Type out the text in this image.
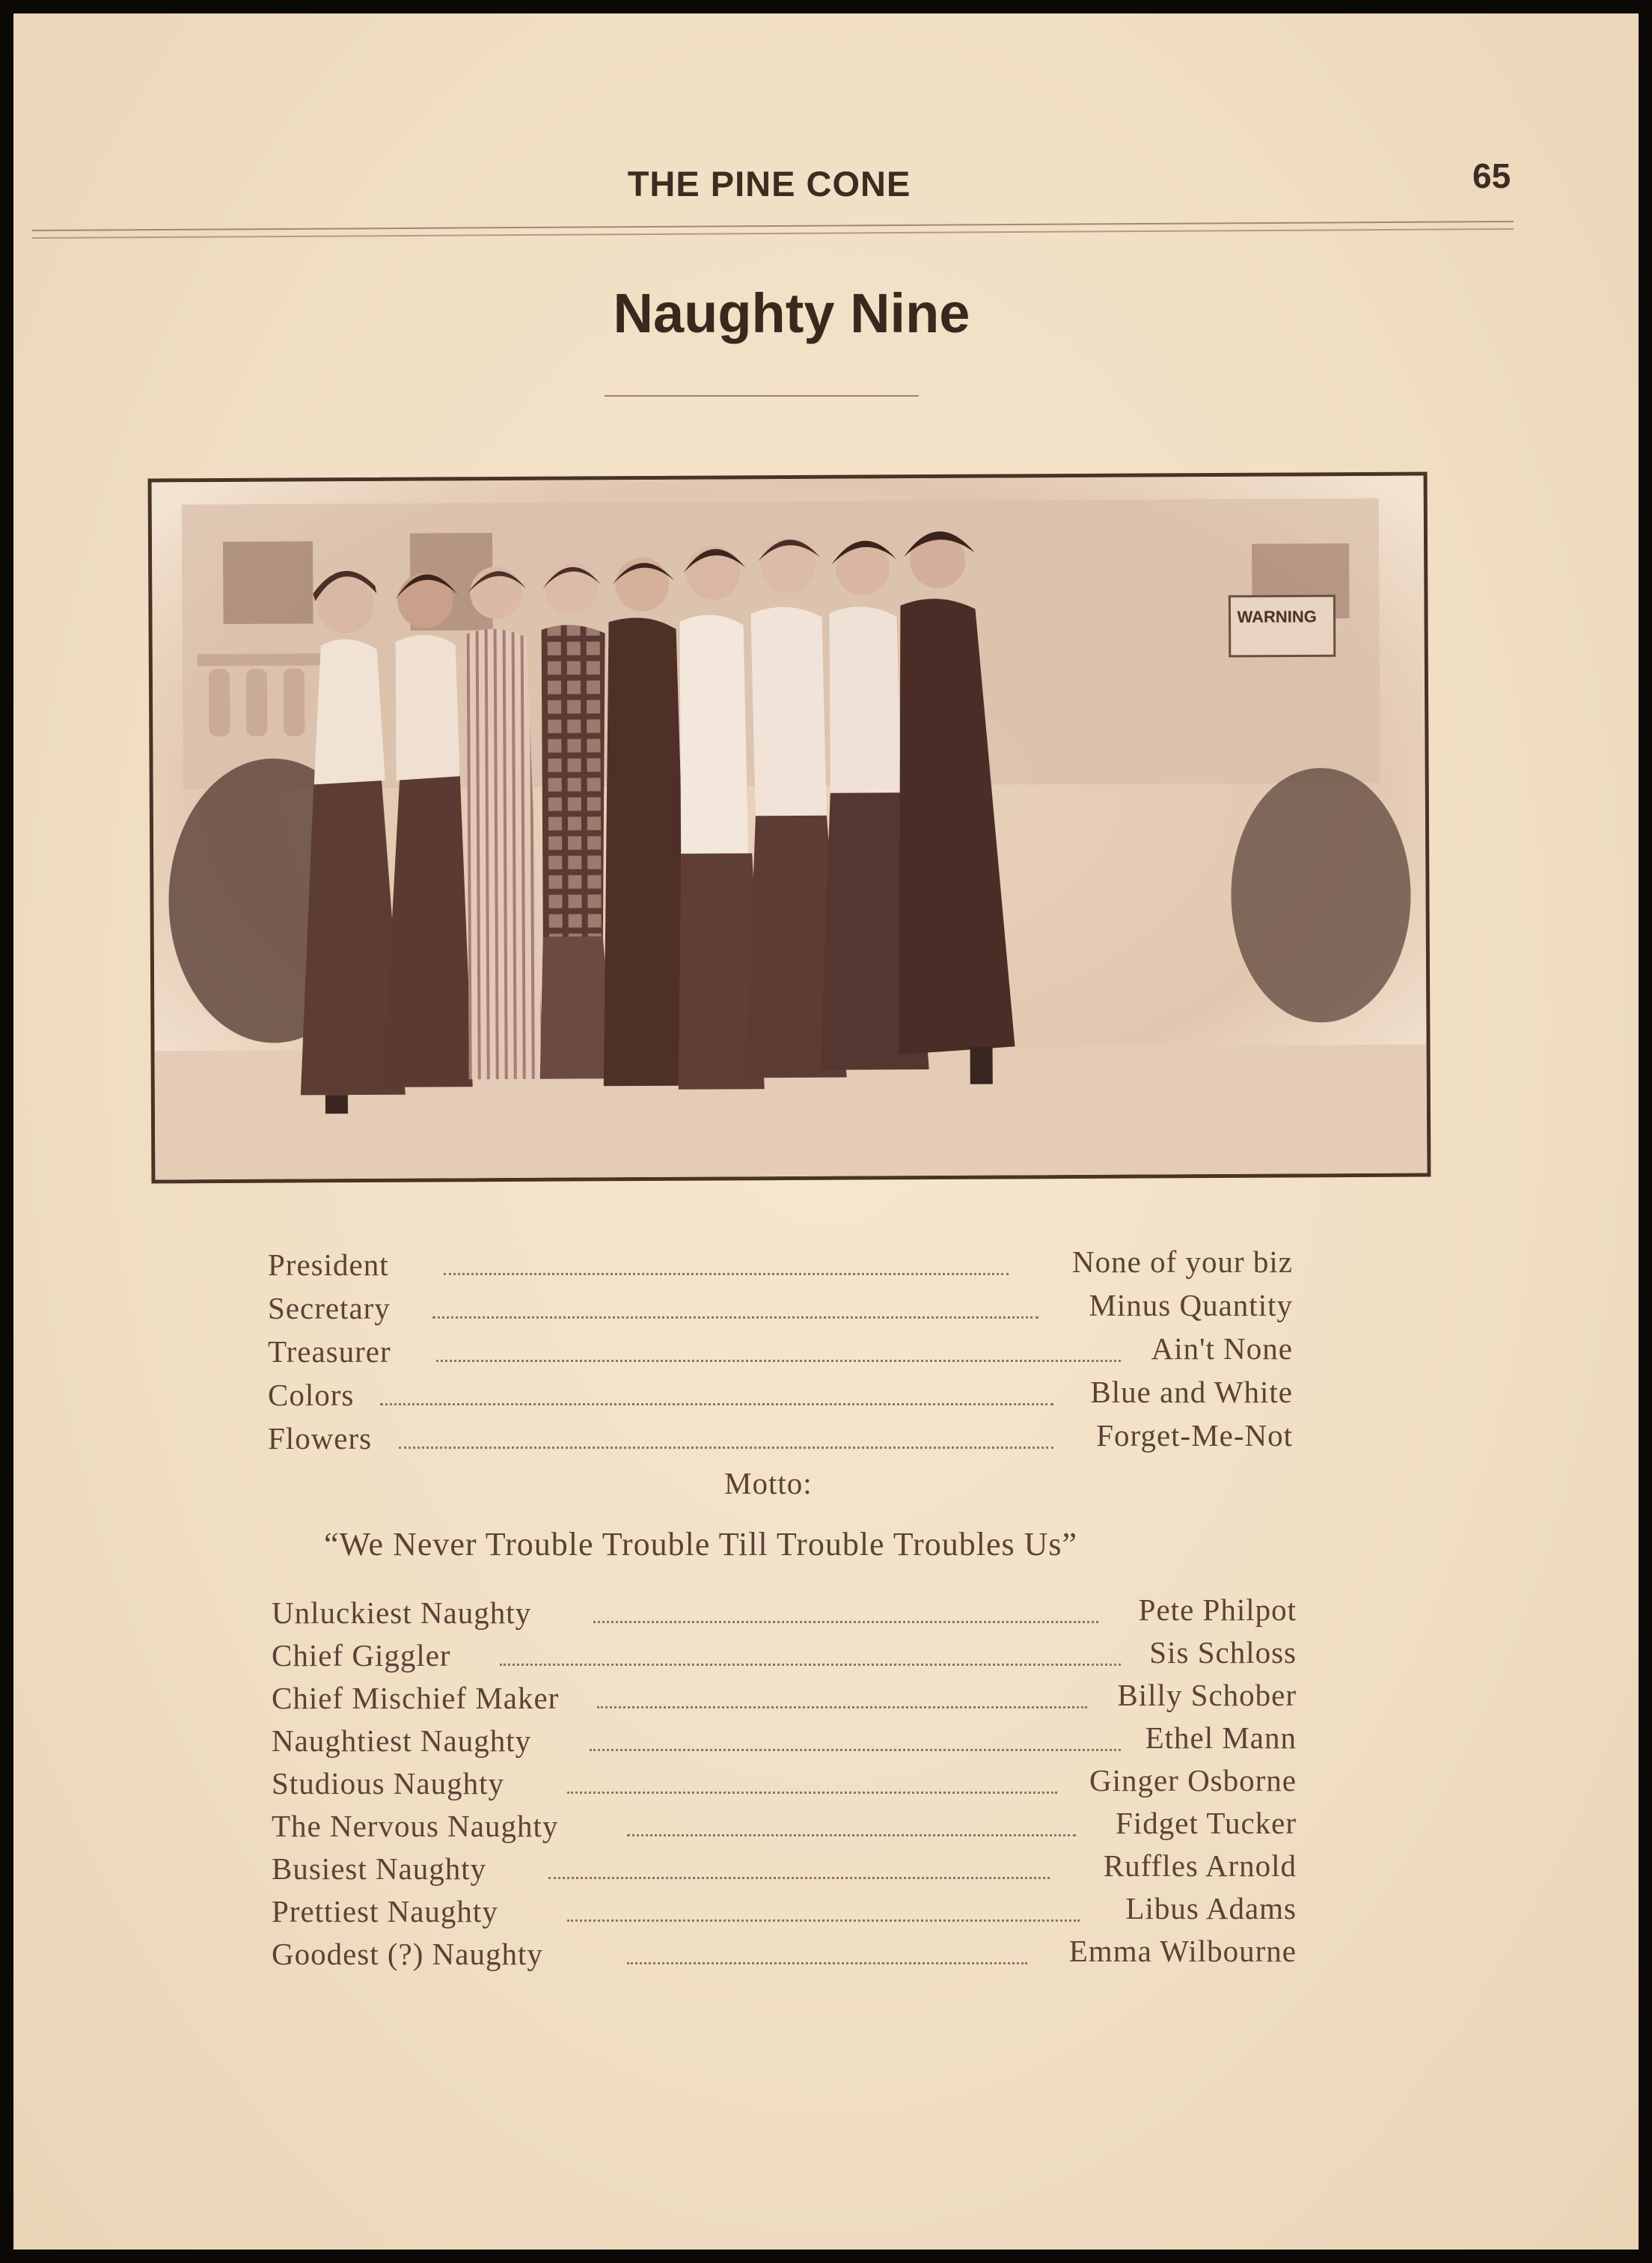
THE PINE CONE	65
Naughty Nine
WARNING
President	None of your biz
Secretary	Minus Quantity
Treasurer	Ain't None
Colors	Blue and White
Flowers	Forget-Me-Not
Motto:
“We Never Trouble Trouble Till Trouble Troubles Us”
Unluckiest Naughty	Pete Philpot
Chief Giggler	Sis Schloss
Chief Mischief Maker	Billy Schober
Naughtiest Naughty	Ethel Mann
Studious Naughty	Ginger Osborne
The Nervous Naughty	Fidget Tucker
Busiest Naughty	Ruffles Arnold
Prettiest Naughty	Libus Adams
Goodest (?) Naughty	Emma Wilbourne
